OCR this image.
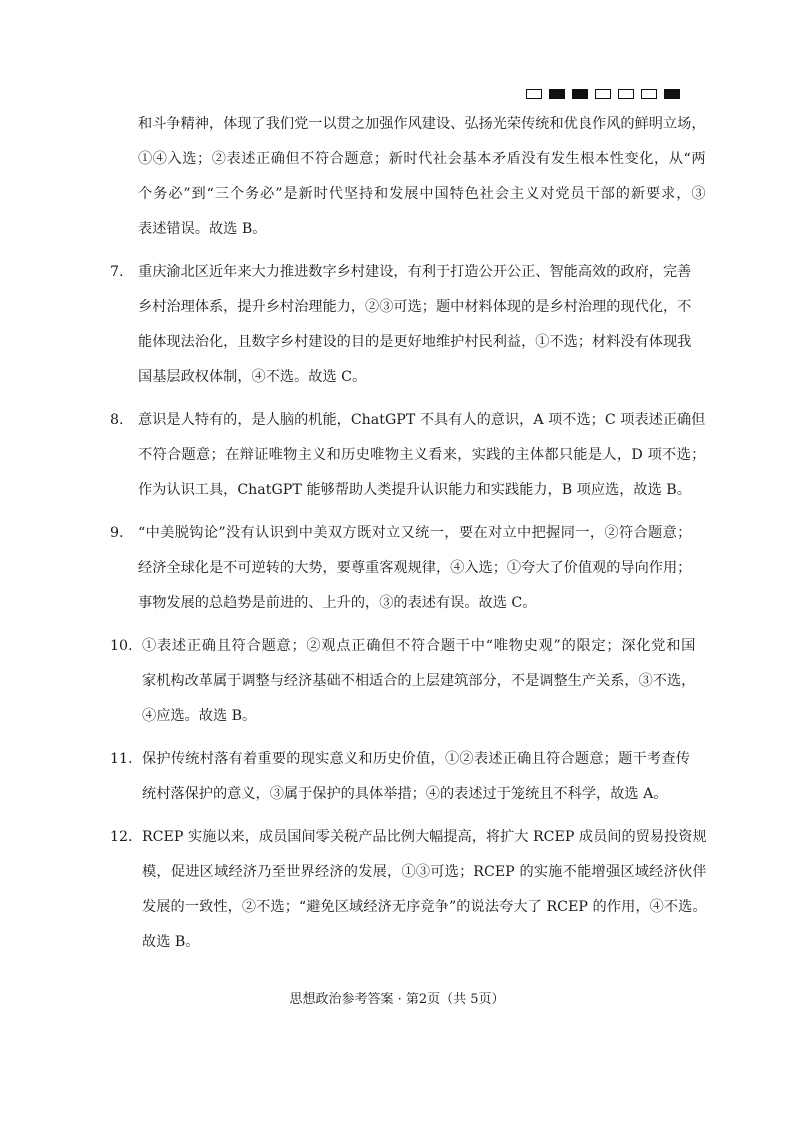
和斗争精神，体现了我们党一以贯之加强作风建设、弘扬光荣传统和优良作风的鲜明立场，
①④入选；②表述正确但不符合题意；新时代社会基本矛盾没有发生根本性变化，从“两
个务必”到“三个务必”是新时代坚持和发展中国特色社会主义对党员干部的新要求，③
表述错误。故选 B。
7.	重庆渝北区近年来大力推进数字乡村建设，有利于打造公开公正、智能高效的政府，完善
乡村治理体系，提升乡村治理能力，②③可选；题中材料体现的是乡村治理的现代化，不
能体现法治化，且数字乡村建设的目的是更好地维护村民利益，①不选；材料没有体现我
国基层政权体制，④不选。故选 C。
8.	意识是人特有的，是人脑的机能，ChatGPT 不具有人的意识，A 项不选；C 项表述正确但
不符合题意；在辩证唯物主义和历史唯物主义看来，实践的主体都只能是人，D 项不选；
作为认识工具，ChatGPT 能够帮助人类提升认识能力和实践能力，B 项应选，故选 B。
9.	“中美脱钩论”没有认识到中美双方既对立又统一，要在对立中把握同一，②符合题意；
经济全球化是不可逆转的大势，要尊重客观规律，④入选；①夸大了价值观的导向作用；
事物发展的总趋势是前进的、上升的，③的表述有误。故选 C。
10. ①表述正确且符合题意；②观点正确但不符合题干中“唯物史观”的限定；深化党和国
家机构改革属于调整与经济基础不相适合的上层建筑部分，不是调整生产关系，③不选，
④应选。故选 B。
11. 保护传统村落有着重要的现实意义和历史价值，①②表述正确且符合题意；题干考查传
统村落保护的意义，③属于保护的具体举措；④的表述过于笼统且不科学，故选 A。
12. RCEP 实施以来，成员国间零关税产品比例大幅提高，将扩大 RCEP 成员间的贸易投资规
模，促进区域经济乃至世界经济的发展，①③可选；RCEP 的实施不能增强区域经济伙伴
发展的一致性，②不选；“避免区域经济无序竞争”的说法夸大了 RCEP 的作用，④不选。
故选 B。
思想政治参考答案 · 第2页（共 5页）
